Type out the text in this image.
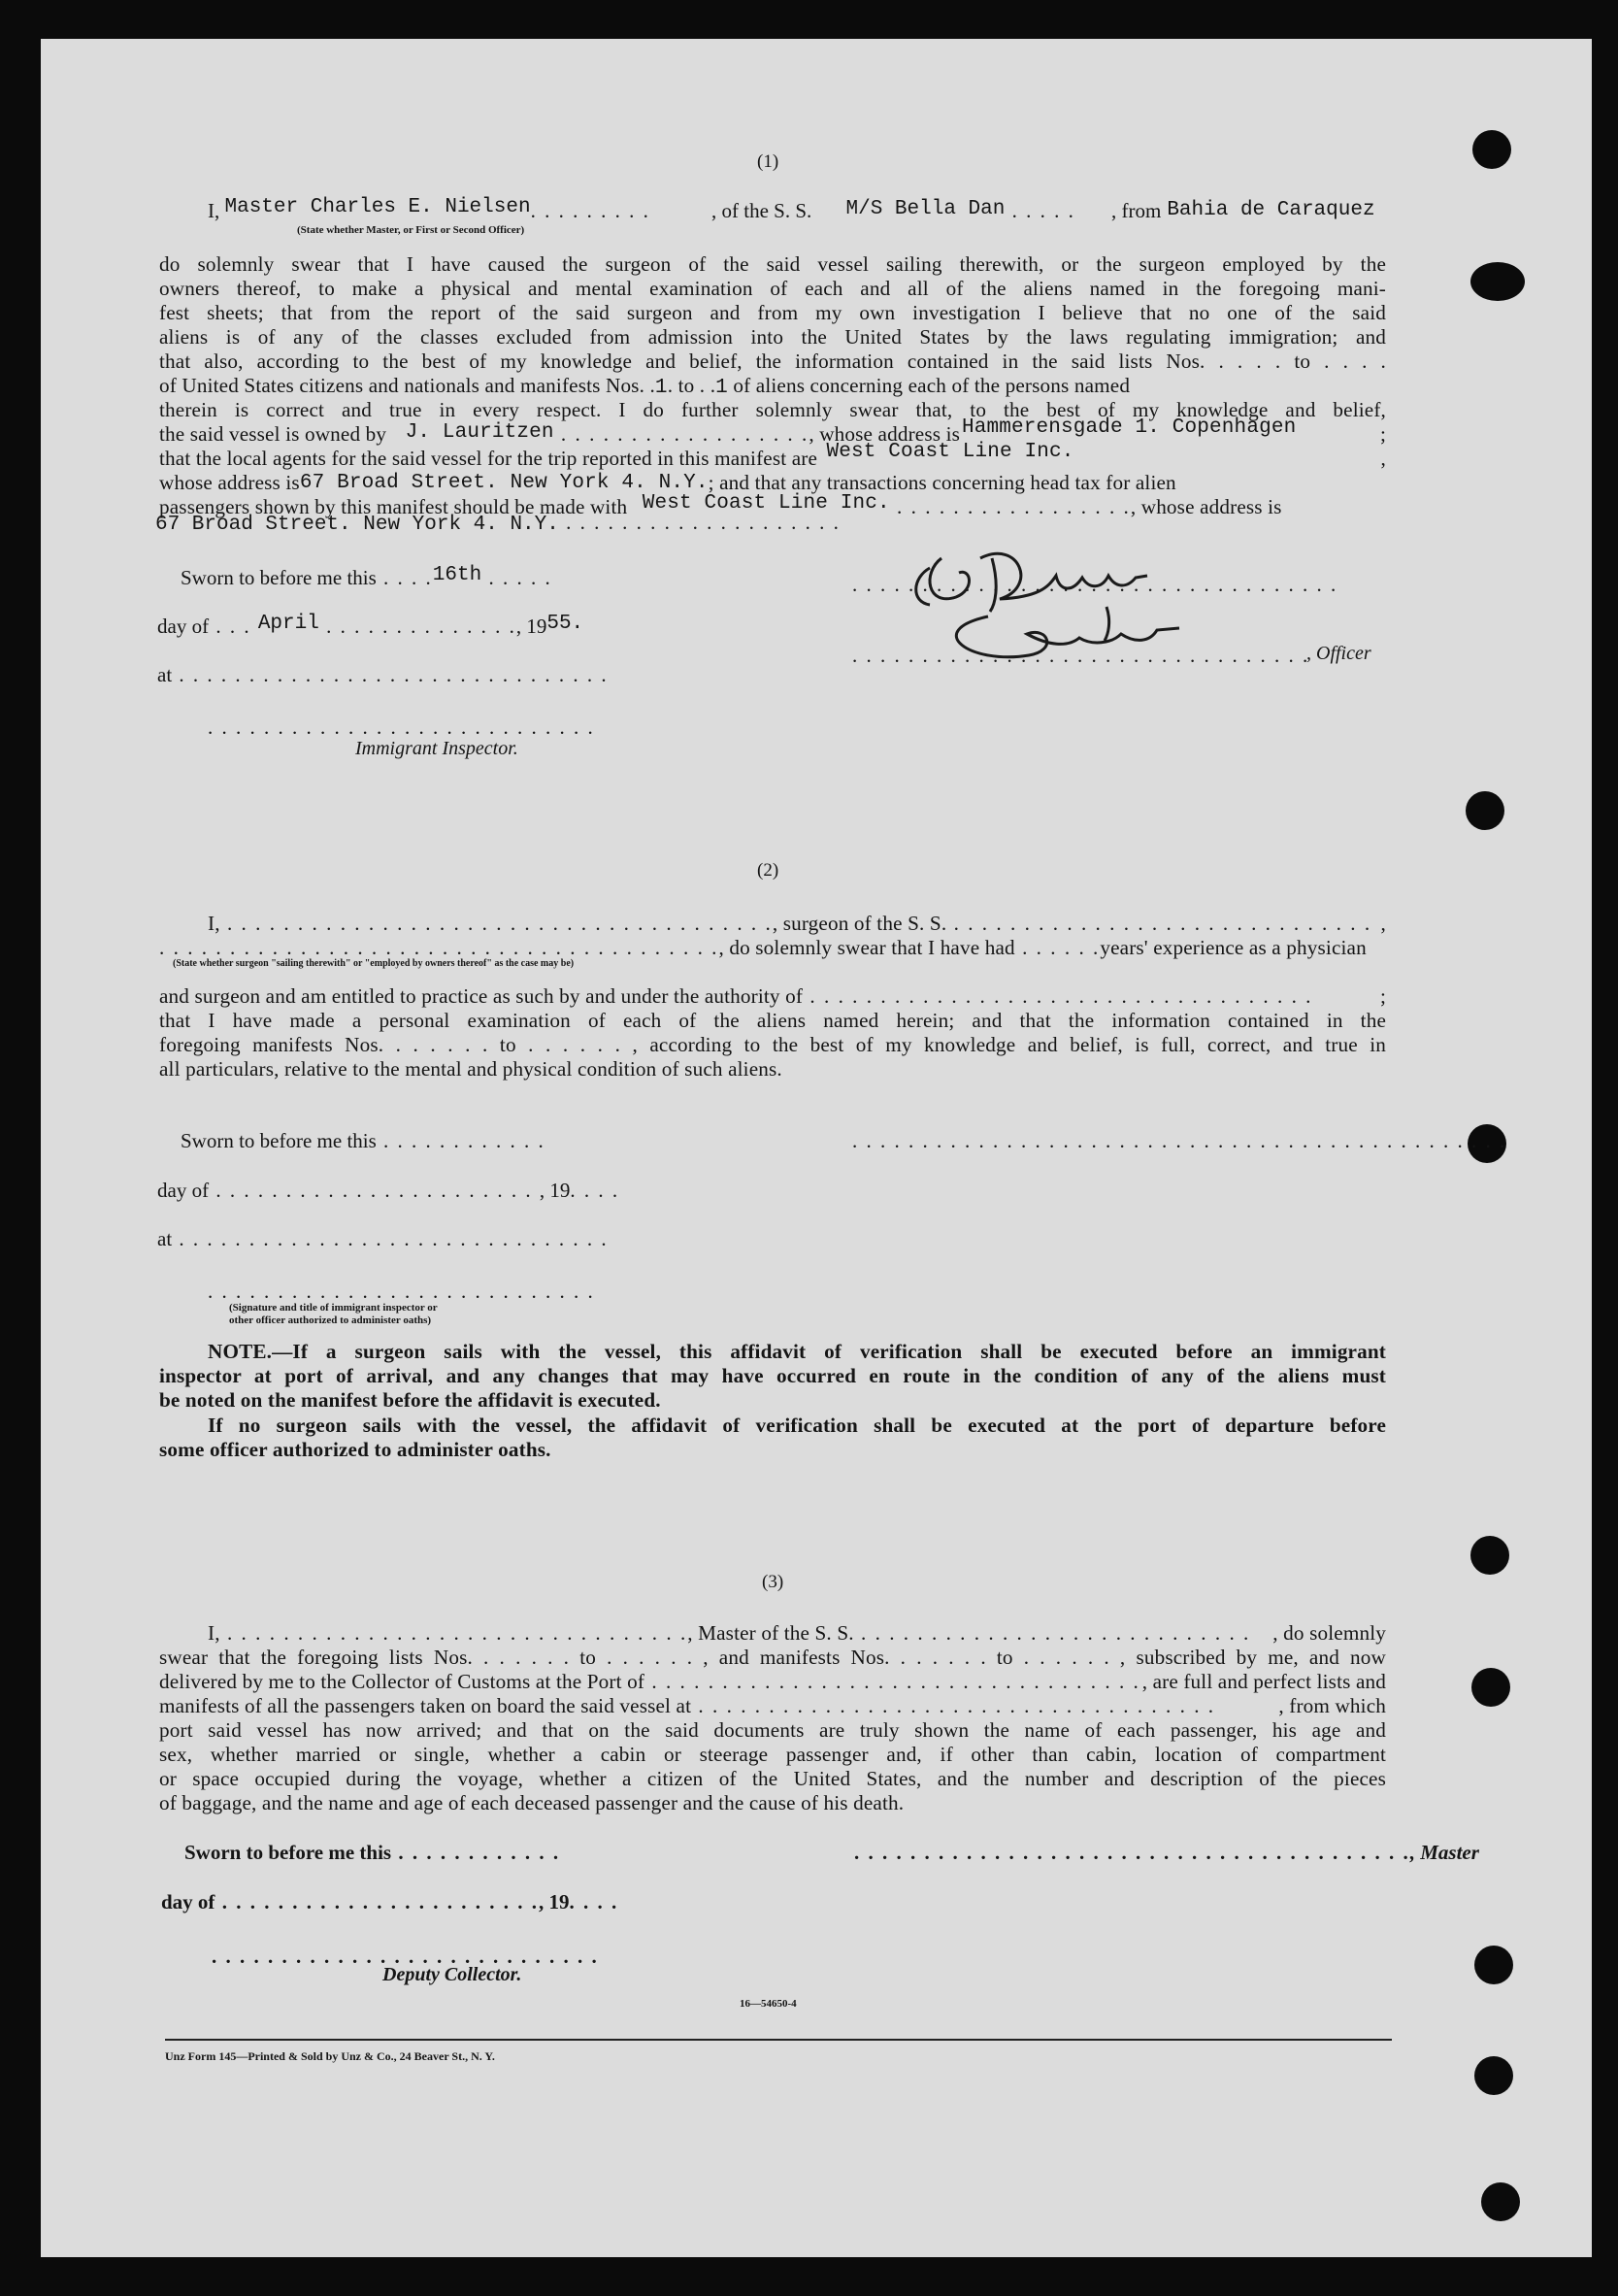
(1)
I, Master Charles E. Nielsen. . . . . . . . .
(State whether Master, or First or Second Officer)
, of the S. S. M/S Bella Dan . . . . . , from Bahia de Caraquez
do solemnly swear that I have caused the surgeon of the said vessel sailing therewith, or the surgeon employed by the
owners thereof, to make a physical and mental examination of each and all of the aliens named in the foregoing mani-
fest sheets; that from the report of the said surgeon and from my own investigation I believe that no one of the said
aliens is of any of the classes excluded from admission into the United States by the laws regulating immigration; and
that also, according to the best of my knowledge and belief, the information contained in the said lists Nos. . . . . to . . . .
of United States citizens and nationals and manifests Nos. .1. to . .1 of aliens concerning each of the persons named
therein is correct and true in every respect. I do further solemnly swear that, to the best of my knowledge and belief,
the said vessel is owned by J. Lauritzen . . . . . . . . . . . . . . . . . ., whose address isHammerensgade 1. Copenhagen	;
that the local agents for the said vessel for the trip reported in this manifest are West Coast Line Inc.	,
whose address is67 Broad Street. New York 4. N.Y.; and that any transactions concerning head tax for alien
passengers shown by this manifest should be made with West Coast Line Inc. . . . . . . . . . . . . . . . . ., whose address is
67 Broad Street. New York 4. N.Y. . . . . . . . . . . . . . . . . . . . .
Sworn to before me this . . . .16th . . . . .
day of . . . April . . . . . . . . . . . . . ., 1955.
at . . . . . . . . . . . . . . . . . . . . . . . . . . . . . . .
. . . . . . . . . . . . . . . . . . . . . . . . . . . .
Immigrant Inspector.
. . . . . . . . . . . . . . . . . . . . . . . . . . . . . . . . . . .
. . . . . . . . . . . . . . . . . . . . . . . . . . . . . . . . .
, Officer
(2)
I, . . . . . . . . . . . . . . . . . . . . . . . . . . . . . . . . . . . . . . ., surgeon of the S. S. . . . . . . . . . . . . . . . . . . . . . . . . . . . . . . ,
. . . . . . . . . . . . . . . . . . . . . . . . . . . . . . . . . . . . . . . ., do solemnly swear that I have had . . . . . .years' experience as a physician
(State whether surgeon "sailing therewith" or "employed by owners thereof" as the case may be)
and surgeon and am entitled to practice as such by and under the authority of . . . . . . . . . . . . . . . . . . . . . . . . . . . . . . . . . . . .	;
that I have made a personal examination of each of the aliens named herein; and that the information contained in the
foregoing manifests Nos. . . . . . . to . . . . . . , according to the best of my knowledge and belief, is full, correct, and true in
all particulars, relative to the mental and physical condition of such aliens.
Sworn to before me this . . . . . . . . . . . .	. . . . . . . . . . . . . . . . . . . . . . . . . . . . . . . . . . . . . . . . . . . . . . .
day of . . . . . . . . . . . . . . . . . . . . . . . , 19. . . .
at . . . . . . . . . . . . . . . . . . . . . . . . . . . . . . .
. . . . . . . . . . . . . . . . . . . . . . . . . . . .
(Signature and title of immigrant inspector or
other officer authorized to administer oaths)
NOTE.—If a surgeon sails with the vessel, this affidavit of verification shall be executed before an immigrant
inspector at port of arrival, and any changes that may have occurred en route in the condition of any of the aliens must
be noted on the manifest before the affidavit is executed.
If no surgeon sails with the vessel, the affidavit of verification shall be executed at the port of departure before
some officer authorized to administer oaths.
(3)
I, . . . . . . . . . . . . . . . . . . . . . . . . . . . . . . . . ., Master of the S. S. . . . . . . . . . . . . . . . . . . . . . . . . . . . . , do solemnly
swear that the foregoing lists Nos. . . . . . . to . . . . . . , and manifests Nos. . . . . . . to . . . . . . , subscribed by me, and now
delivered by me to the Collector of Customs at the Port of . . . . . . . . . . . . . . . . . . . . . . . . . . . . . . . . . . . , are full and perfect lists and
manifests of all the passengers taken on board the said vessel at . . . . . . . . . . . . . . . . . . . . . . . . . . . . . . . . . . . . .	, from which
port said vessel has now arrived; and that on the said documents are truly shown the name of each passenger, his age and
sex, whether married or single, whether a cabin or steerage passenger and, if other than cabin, location of compartment
or space occupied during the voyage, whether a citizen of the United States, and the number and description of the pieces
of baggage, and the name and age of each deceased passenger and the cause of his death.
Sworn to before me this . . . . . . . . . . . .	. . . . . . . . . . . . . . . . . . . . . . . . . . . . . . . . . . . . . . . ., Master
day of . . . . . . . . . . . . . . . . . . . . . . ., 19. . . .
. . . . . . . . . . . . . . . . . . . . . . . . . . . .
Deputy Collector.
16—54650-4
Unz Form 145—Printed & Sold by Unz & Co., 24 Beaver St., N. Y.
